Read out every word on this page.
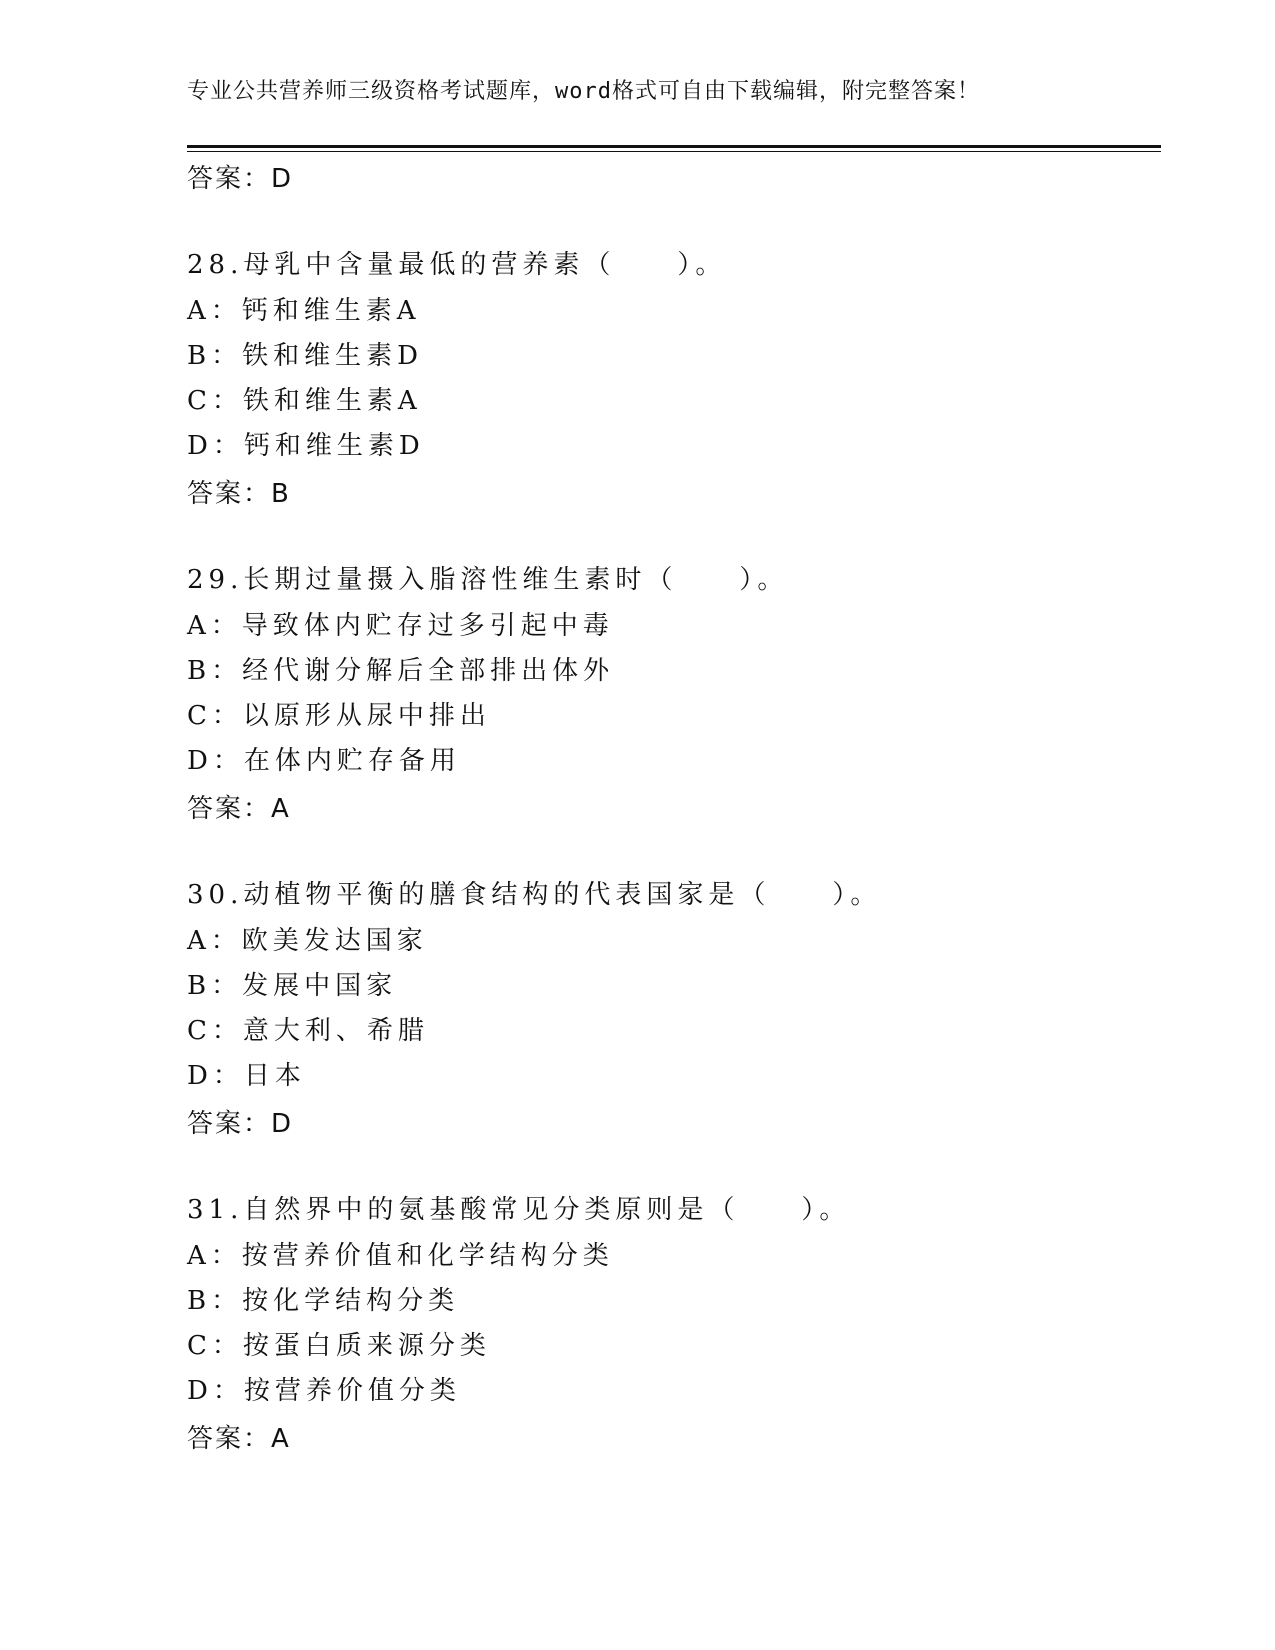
专业公共营养师三级资格考试题库，word格式可自由下载编辑，附完整答案！
答案：D
28.母乳中含量最低的营养素（　　）。
A：钙和维生素A
B：铁和维生素D
C：铁和维生素A
D：钙和维生素D
答案：B
29.长期过量摄入脂溶性维生素时（　　）。
A：导致体内贮存过多引起中毒
B：经代谢分解后全部排出体外
C：以原形从尿中排出
D：在体内贮存备用
答案：A
30.动植物平衡的膳食结构的代表国家是（　　）。
A：欧美发达国家
B：发展中国家
C：意大利、希腊
D：日本
答案：D
31.自然界中的氨基酸常见分类原则是（　　）。
A：按营养价值和化学结构分类
B：按化学结构分类
C：按蛋白质来源分类
D：按营养价值分类
答案：A
